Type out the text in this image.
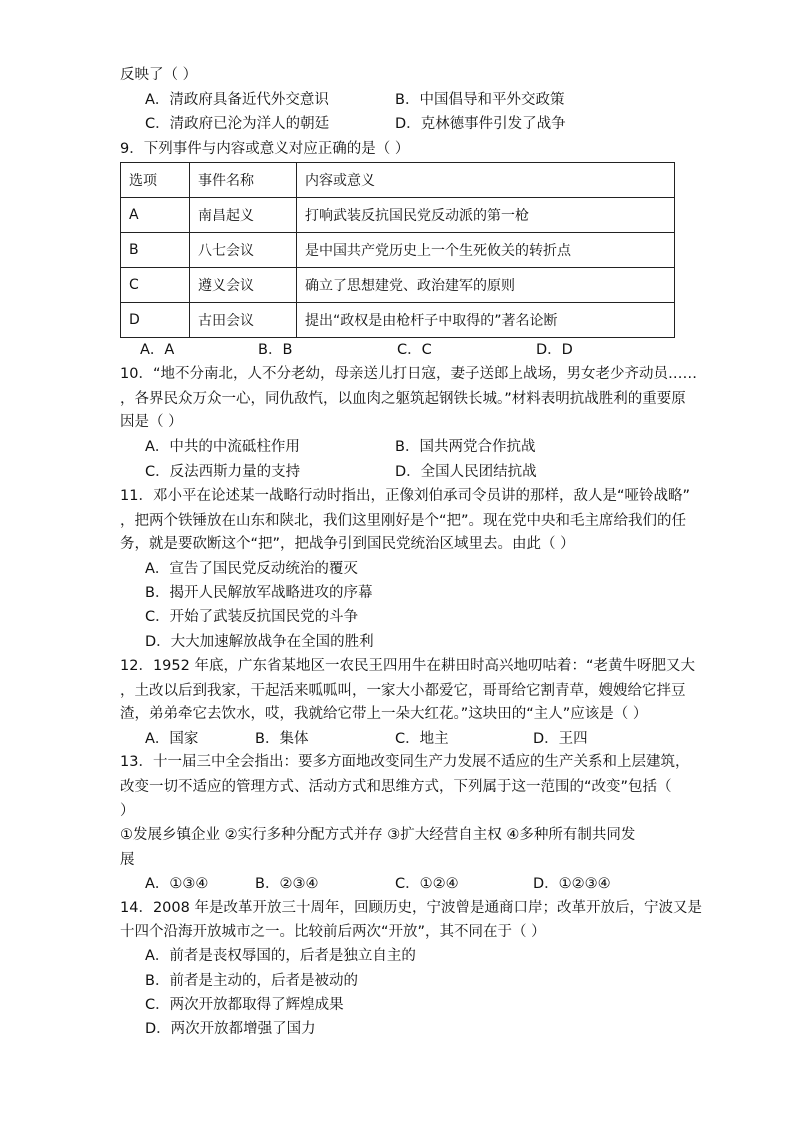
反映了（ ）
A．清政府具备近代外交意识	B．中国倡导和平外交政策
C．清政府已沦为洋人的朝廷	D．克林德事件引发了战争
9．下列事件与内容或意义对应正确的是（ ）
选项	事件名称	内容或意义
A	南昌起义	打响武装反抗国民党反动派的第一枪
B	八七会议	是中国共产党历史上一个生死攸关的转折点
C	遵义会议	确立了思想建党、政治建军的原则
D	古田会议	提出“政权是由枪杆子中取得的”著名论断
A．A	B．B	C．C	D．D
10．“地不分南北，人不分老幼，母亲送儿打日寇，妻子送郎上战场，男女老少齐动员……
，各界民众万众一心，同仇敌忾，以血肉之躯筑起钢铁长城。”材料表明抗战胜利的重要原
因是（ ）
A．中共的中流砥柱作用	B．国共两党合作抗战
C．反法西斯力量的支持	D．全国人民团结抗战
11．邓小平在论述某一战略行动时指出，正像刘伯承司令员讲的那样，敌人是“哑铃战略”
，把两个铁锤放在山东和陕北，我们这里刚好是个“把”。现在党中央和毛主席给我们的任
务，就是要砍断这个“把”，把战争引到国民党统治区域里去。由此（ ）
A．宣告了国民党反动统治的覆灭
B．揭开人民解放军战略进攻的序幕
C．开始了武装反抗国民党的斗争
D．大大加速解放战争在全国的胜利
12．1952 年底，广东省某地区一农民王四用牛在耕田时高兴地叨咕着：“老黄牛呀肥又大
，土改以后到我家，干起活来呱呱叫，一家大小都爱它，哥哥给它割青草，嫂嫂给它拌豆
渣，弟弟牵它去饮水，哎，我就给它带上一朵大红花。”这块田的“主人”应该是（ ）
A．国家	B．集体	C．地主	D．王四
13．十一届三中全会指出：要多方面地改变同生产力发展不适应的生产关系和上层建筑，
改变一切不适应的管理方式、活动方式和思维方式，下列属于这一范围的“改变”包括（
）
①发展乡镇企业 ②实行多种分配方式并存 ③扩大经营自主权 ④多种所有制共同发
展
A．①③④	B．②③④	C．①②④	D．①②③④
14．2008 年是改革开放三十周年，回顾历史，宁波曾是通商口岸；改革开放后，宁波又是
十四个沿海开放城市之一。比较前后两次“开放”，其不同在于（ ）
A．前者是丧权辱国的，后者是独立自主的
B．前者是主动的，后者是被动的
C．两次开放都取得了辉煌成果
D．两次开放都增强了国力
